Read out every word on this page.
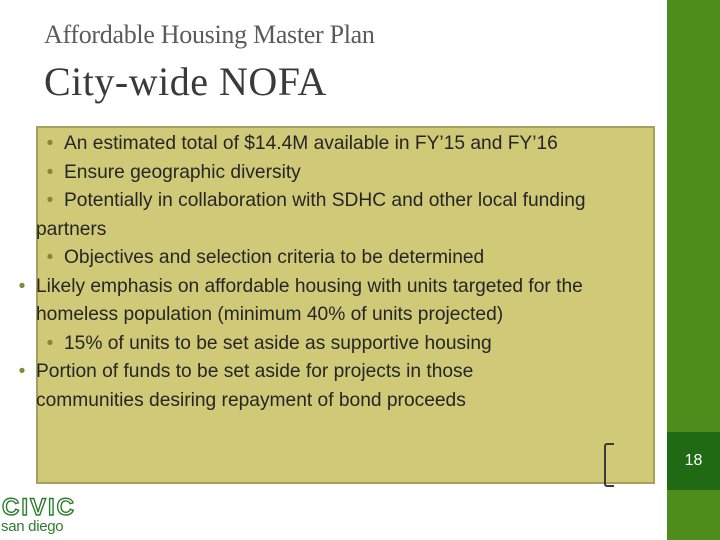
Affordable Housing Master Plan
City-wide NOFA
18
• An estimated total of $14.4M available in FY’15 and FY’16
• Ensure geographic diversity
• Potentially in collaboration with SDHC and other local funding partners
• Objectives and selection criteria to be determined
• Likely emphasis on affordable housing with units targeted for the homeless population (minimum 40% of units projected)
• 15% of units to be set aside as supportive housing
• Portion of funds to be set aside for projects in those communities desiring repayment of bond proceeds
CIVIC
san diego
